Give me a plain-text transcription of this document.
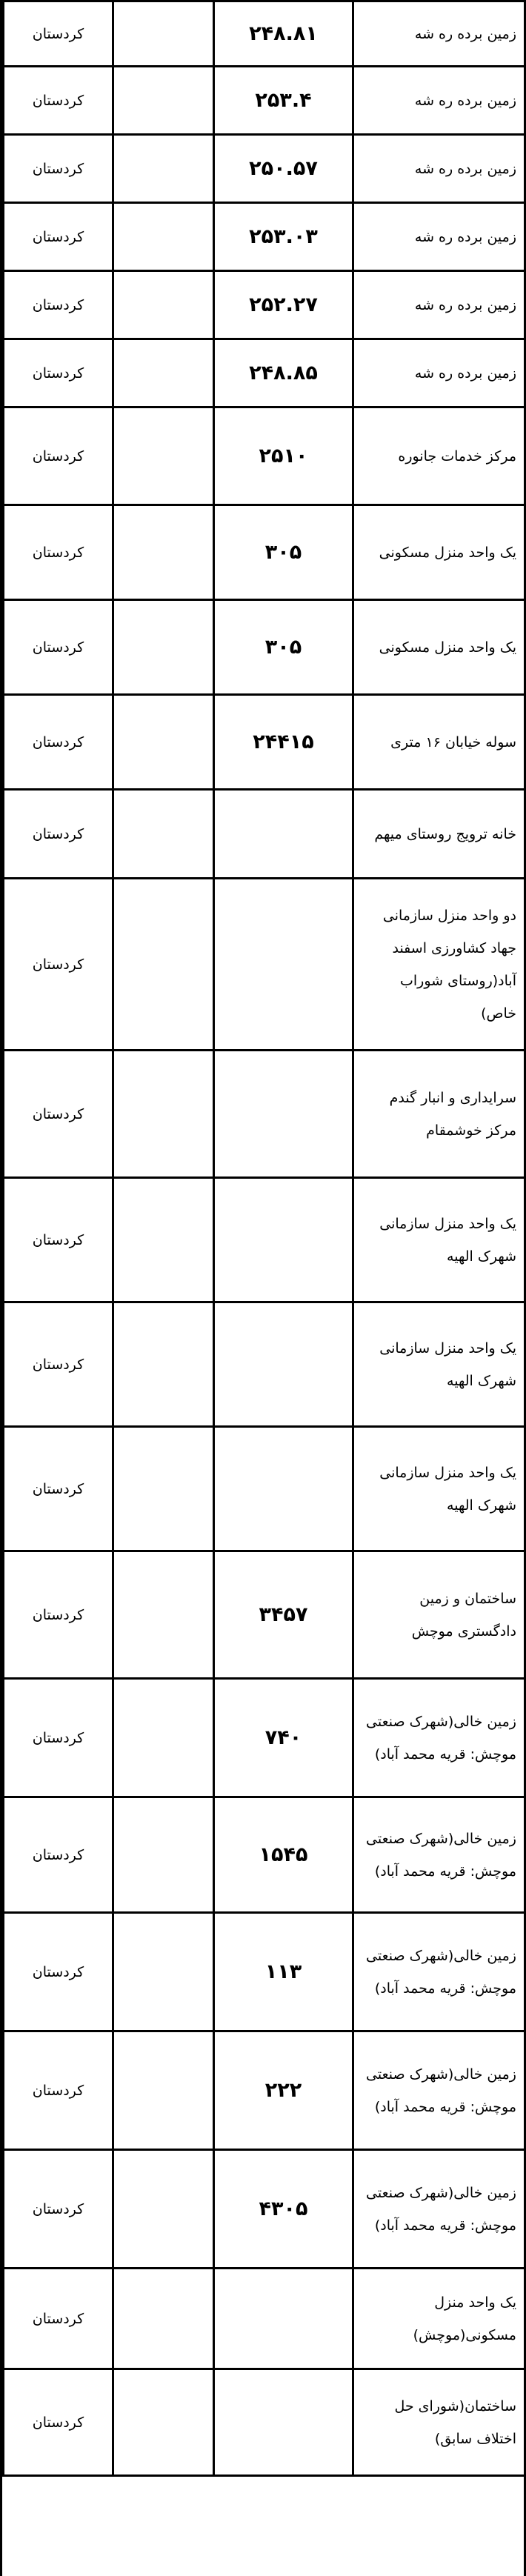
کردستان		۲۴۸.۸۱	زمین برده ره شه
کردستان		۲۵۳.۴	زمین برده ره شه
کردستان		۲۵۰.۵۷	زمین برده ره شه
کردستان		۲۵۳.۰۳	زمین برده ره شه
کردستان		۲۵۲.۲۷	زمین برده ره شه
کردستان		۲۴۸.۸۵	زمین برده ره شه
کردستان		۲۵۱۰	مرکز خدمات جانوره
کردستان		۳۰۵	یک واحد منزل مسکونی
کردستان		۳۰۵	یک واحد منزل مسکونی
کردستان		۲۴۴۱۵	سوله خیابان ۱۶ متری
کردستان			خانه ترویج روستای میهم
کردستان			دو واحد منزل سازمانی جهاد کشاورزی اسفند آباد(روستای شوراب خاص)
کردستان			سرایداری و انبار گندم مرکز خوشمقام
کردستان			یک واحد منزل سازمانی شهرک الهیه
کردستان			یک واحد منزل سازمانی شهرک الهیه
کردستان			یک واحد منزل سازمانی شهرک الهیه
کردستان		۳۴۵۷	ساختمان و زمین دادگستری موچش
کردستان		۷۴۰	زمین خالی(شهرک صنعتی موچش: قریه محمد آباد)
کردستان		۱۵۴۵	زمین خالی(شهرک صنعتی موچش: قریه محمد آباد)
کردستان		۱۱۳	زمین خالی(شهرک صنعتی موچش: قریه محمد آباد)
کردستان		۲۲۲	زمین خالی(شهرک صنعتی موچش: قریه محمد آباد)
کردستان		۴۳۰۵	زمین خالی(شهرک صنعتی موچش: قریه محمد آباد)
کردستان			یک واحد منزل مسکونی(موچش)
کردستان			ساختمان(شورای حل اختلاف سابق)
